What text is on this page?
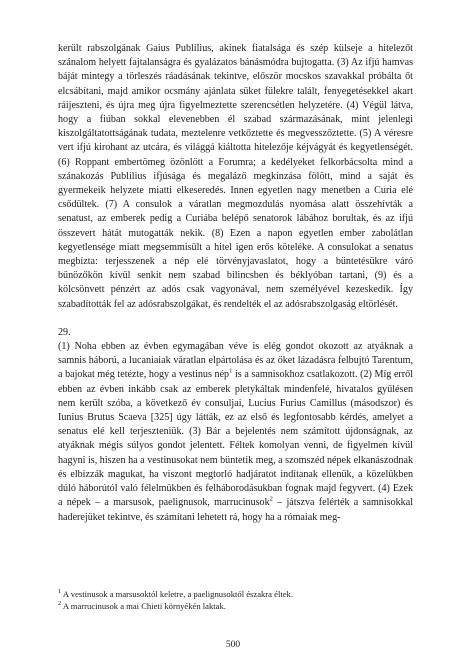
került rabszolgának Gaius Publilius, akinek fiatalsága és szép külseje a hitelezőt szánalom helyett fajtalanságra és gyalázatos bánásmódra bujtogatta. (3) Az ifjú hamvas báját mintegy a törleszés ráadásának tekintve, először mocskos szavakkal próbálta őt elcsábítani, majd amikor ocsmány ajánlata süket fülekre talált, fenyegetésekkel akart ráijeszteni, és újra meg újra figyelmeztette szerencsétlen helyzetére. (4) Végül látva, hogy a fiúban sokkal elevenebben él szabad származásának, mint jelenlegi kiszolgáltatottságának tudata, meztelenre vetkőztette és megvesszőztette. (5) A véresre vert ifjú kirohant az utcára, és világgá kiáltotta hitelezője kéjvágyát és kegyetlenségét. (6) Roppant embertömeg özönlött a Forumra; a kedélyeket felkorbácsolta mind a szánakozás Publilius ifjúsága és megaláző megkínzása fölött, mind a saját és gyermekeik helyzete miatti elkeseredés. Innen egyetlen nagy menetben a Curia elé csődültek. (7) A consulok a váratlan megmozdulás nyomása alatt összehívták a senatust, az emberek pedig a Curiába belépő senatorok lábához borultak, és az ifjú összevert hátát mutogatták nekik. (8) Ezen a napon egyetlen ember zabolátlan kegyetlensége miatt megsemmisült a hitel igen erős köteléke. A consulokat a senatus megbízta: terjesszenek a nép elé törvényjavaslatot, hogy a büntetésükre váró bűnözőkön kívül senkit nem szabad bilincsben és béklyóban tartani, (9) és a kölcsönvett pénzért az adós csak vagyonával, nem személyével kezeskedik. Így szabadították fel az adósrabszolgákat, és rendelték el az adósrabszolgaság eltörlését.

29.

(1) Noha ebben az évben egymagában véve is elég gondot okozott az atyáknak a samnis háború, a lucaniaiak váratlan elpártolása és az őket lázadásra felbujtó Tarentum, a bajokat még tetézte, hogy a vestinus nép$^1$ is a samnisokhoz csatlakozott. (2) Míg erről ebben az évben inkább csak az emberek pletykáltak mindenfelé, hivatalos gyűlésen nem került szóba, a következő év consuljai, Lucius Furius Camillus (másodszor) és Iunius Brutus Scaeva [325] úgy látták, ez az első és legfontosabb kérdés, amelyet a senatus elé kell terjeszteniük. (3) Bár a bejelentés nem számított újdonságnak, az atyáknak mégis súlyos gondot jelentett. Féltek komolyan venni, de figyelmen kívül hagyni is, hiszen ha a vestinusokat nem büntetik meg, a szomszéd népek elkanászodnak és elbízzák magukat, ha viszont megtorló hadjáratot indítanak ellenük, a közelükben dúló háborútól való félelmükben és felháborodásukban fognak majd fegyvert. (4) Ezek a népek – a marsusok, paelignusok, marrucinusok$^2$ – játszva felérték a samnisokkal haderejüket tekintve, és számítani lehetett rá, hogy ha a rómaiak meg-

$^1$ A vestinusok a marsusoktól keletre, a paelignusoktól északra éltek.

$^2$ A marrucinusok a mai Chieti környékén laktak.

500
